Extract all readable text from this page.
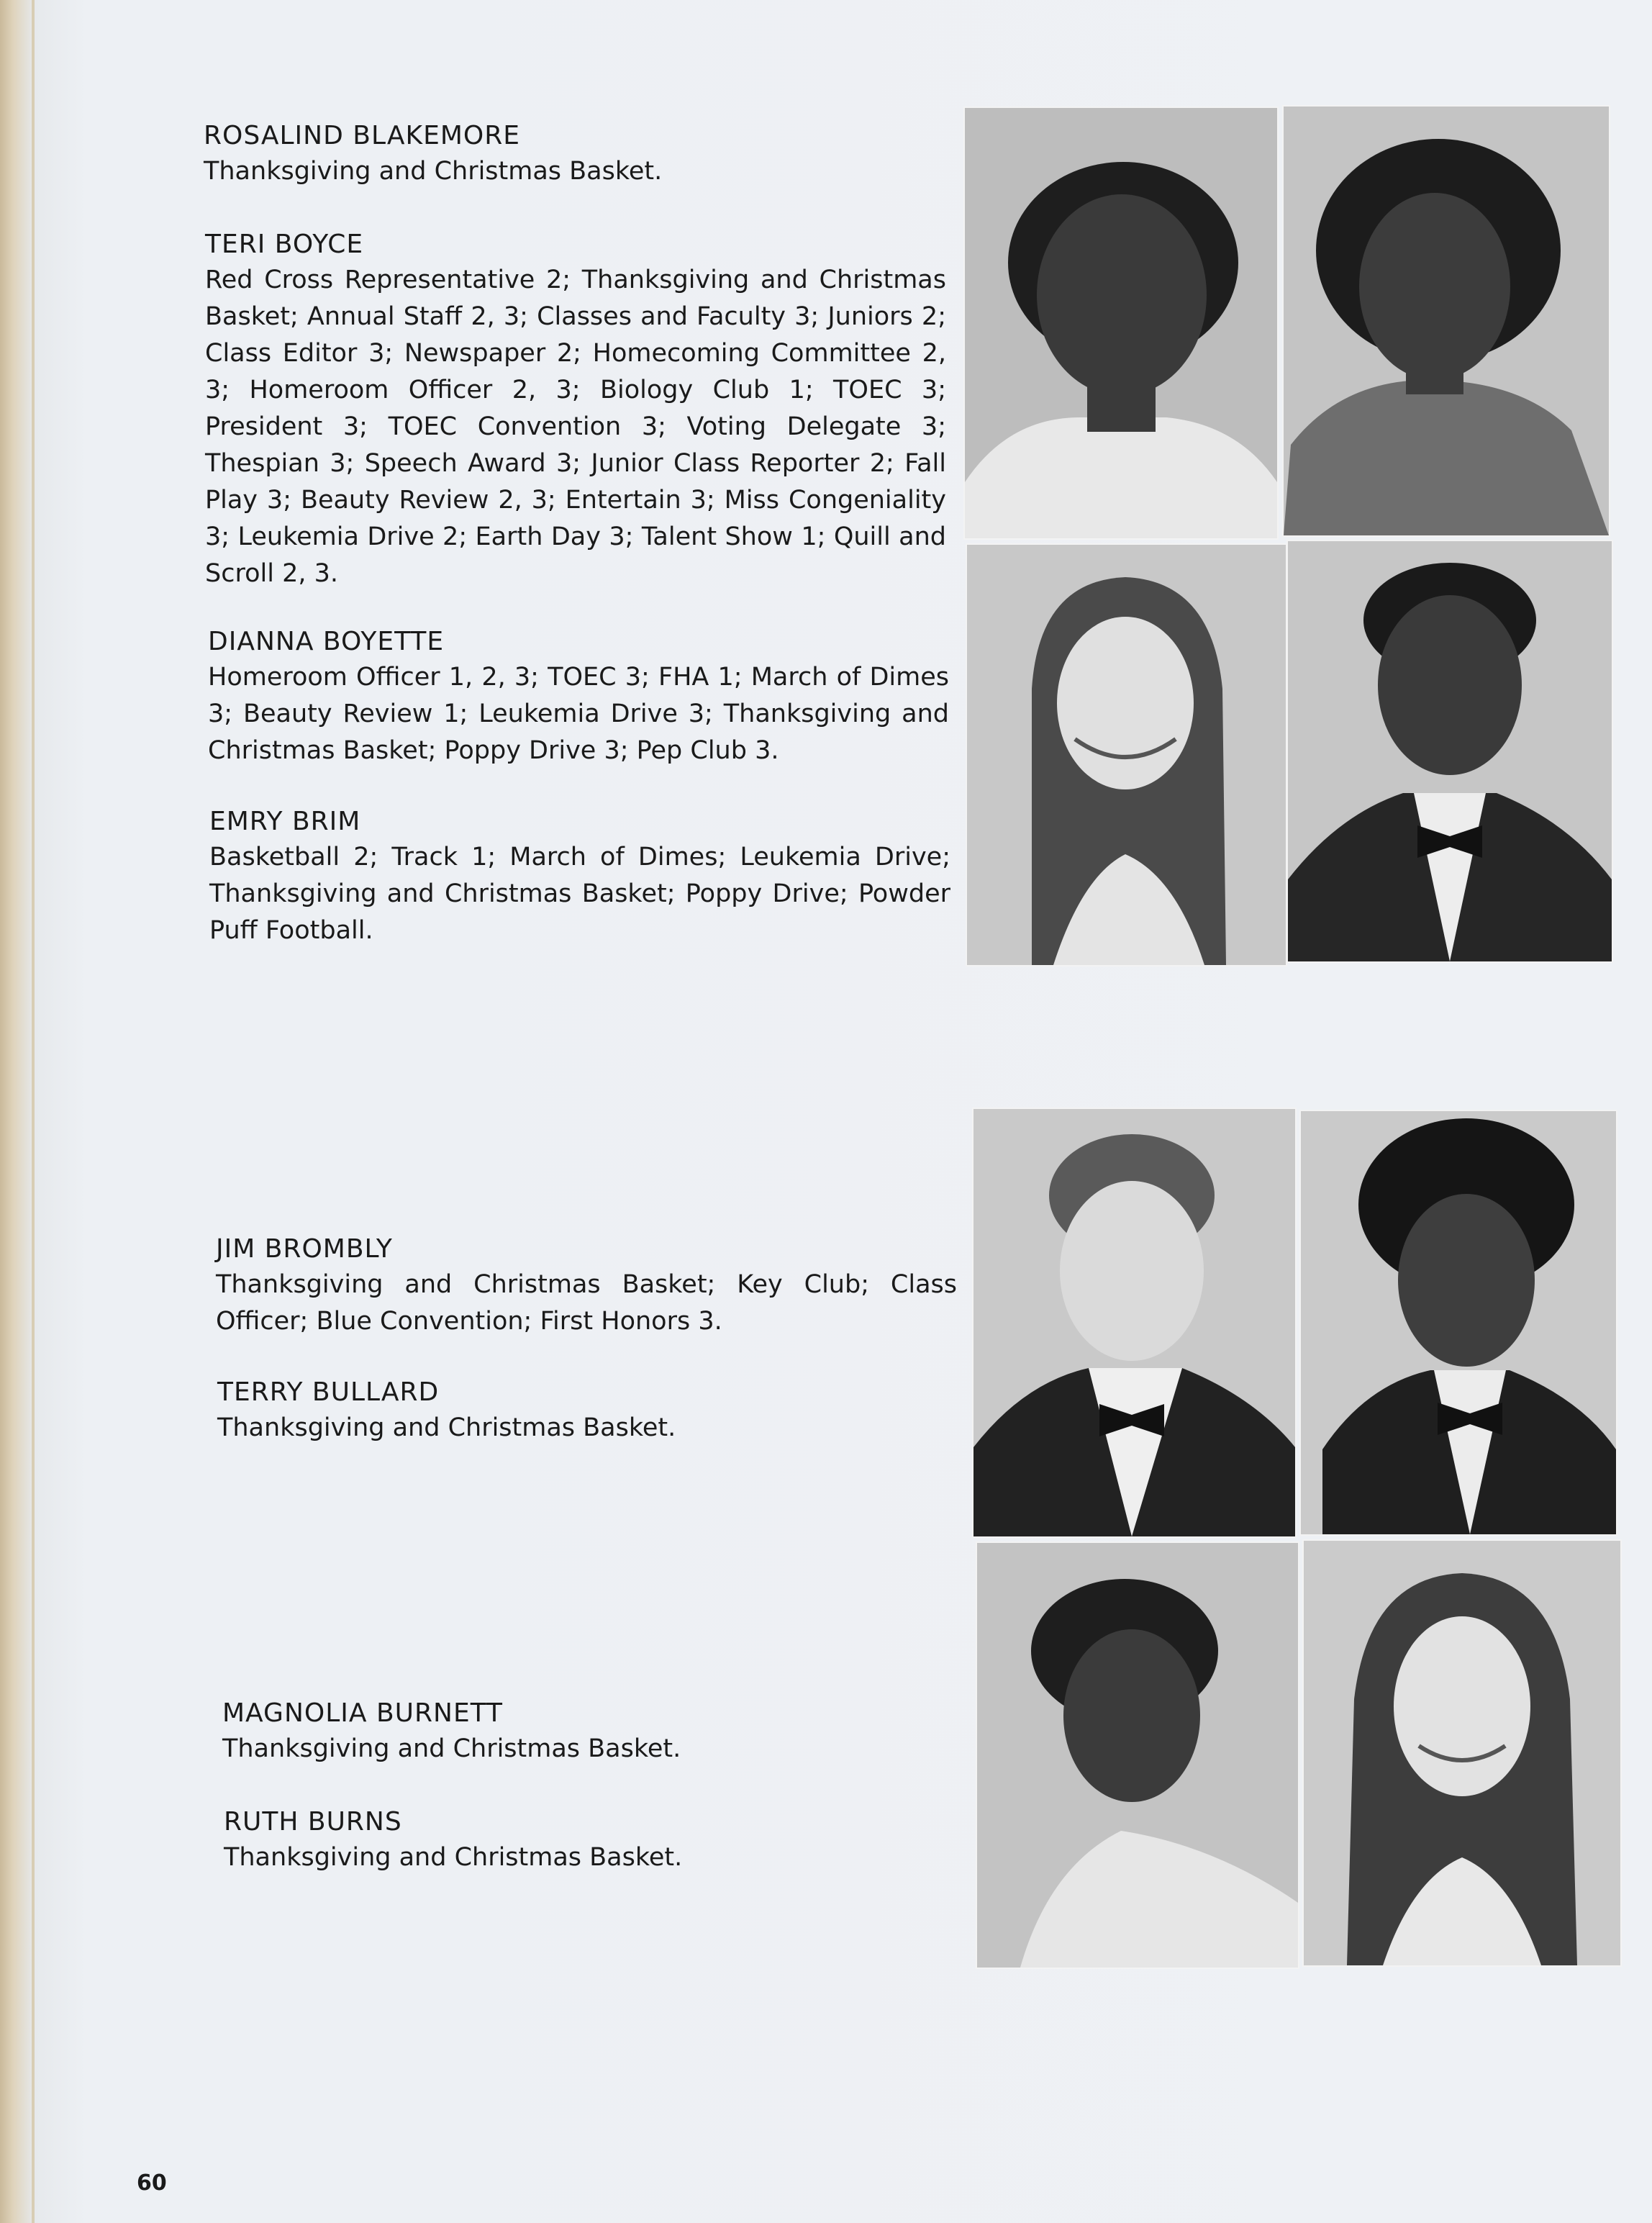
ROSALIND BLAKEMORE

Thanksgiving and Christmas Basket.

TERI BOYCE

Red Cross Representative 2; Thanksgiving and Christmas Basket; Annual Staff 2, 3; Classes and Faculty 3; Juniors 2; Class Editor 3; Newspaper 2; Homecoming Committee 2, 3; Homeroom Officer 2, 3; Biology Club 1; TOEC 3; President 3; TOEC Convention 3; Voting Delegate 3; Thespian 3; Speech Award 3; Junior Class Reporter 2; Fall Play 3; Beauty Review 2, 3; Entertain 3; Miss Congeniality 3; Leukemia Drive 2; Earth Day 3; Talent Show 1; Quill and Scroll 2, 3.

DIANNA BOYETTE

Homeroom Officer 1, 2, 3; TOEC 3; FHA 1; March of Dimes 3; Beauty Review 1; Leukemia Drive 3; Thanksgiving and Christmas Basket; Poppy Drive 3; Pep Club 3.

EMRY BRIM

Basketball 2; Track 1; March of Dimes; Leukemia Drive; Thanksgiving and Christmas Basket; Poppy Drive; Powder Puff Football.

JIM BROMBLY

Thanksgiving and Christmas Basket; Key Club; Class Officer; Blue Convention; First Honors 3.

TERRY BULLARD

Thanksgiving and Christmas Basket.

MAGNOLIA BURNETT

Thanksgiving and Christmas Basket.

RUTH BURNS

Thanksgiving and Christmas Basket.

60
